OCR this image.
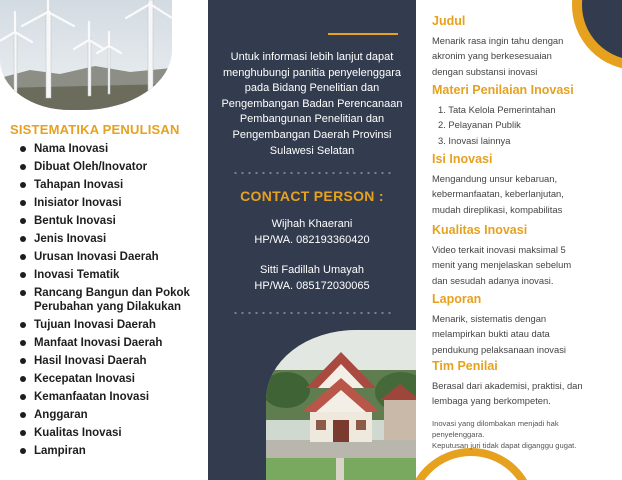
SISTEMATIKA PENULISAN
Nama Inovasi
Dibuat Oleh/Inovator
Tahapan Inovasi
Inisiator Inovasi
Bentuk Inovasi
Jenis Inovasi
Urusan Inovasi Daerah
Inovasi Tematik
Rancang Bangun dan Pokok Perubahan yang Dilakukan
Tujuan Inovasi Daerah
Manfaat Inovasi Daerah
Hasil Inovasi Daerah
Kecepatan Inovasi
Kemanfaatan Inovasi
Anggaran
Kualitas Inovasi
Lampiran
Untuk informasi lebih lanjut dapat
menghubungi panitia penyelenggara
pada Bidang Penelitian dan
Pengembangan Badan Perencanaan
Pembangunan Penelitian dan
Pengembangan Daerah Provinsi
Sulawesi Selatan
CONTACT PERSON :
Wijhah Khaerani
HP/WA. 082193360420
Sitti Fadillah Umayah
HP/WA. 085172030065
Judul
Menarik rasa ingin tahu dengan
akronim yang berkesesuaian
dengan substansi inovasi
Materi Penilaian Inovasi
1. Tata Kelola Pemerintahan
2. Pelayanan Publik
3. Inovasi lainnya
Isi Inovasi
Mengandung unsur kebaruan,
kebermanfaatan, keberlanjutan,
mudah direplikasi, kompabilitas
Kualitas Inovasi
Video terkait inovasi maksimal 5
menit yang menjelaskan sebelum
dan sesudah adanya inovasi.
Laporan
Menarik, sistematis dengan
melampirkan bukti atau data
pendukung pelaksanaan inovasi
Tim Penilai
Berasal dari akademisi, praktisi, dan
lembaga yang berkompeten.
Inovasi yang dilombakan menjadi hak
penyelenggara.
Keputusan juri tidak dapat diganggu gugat.
